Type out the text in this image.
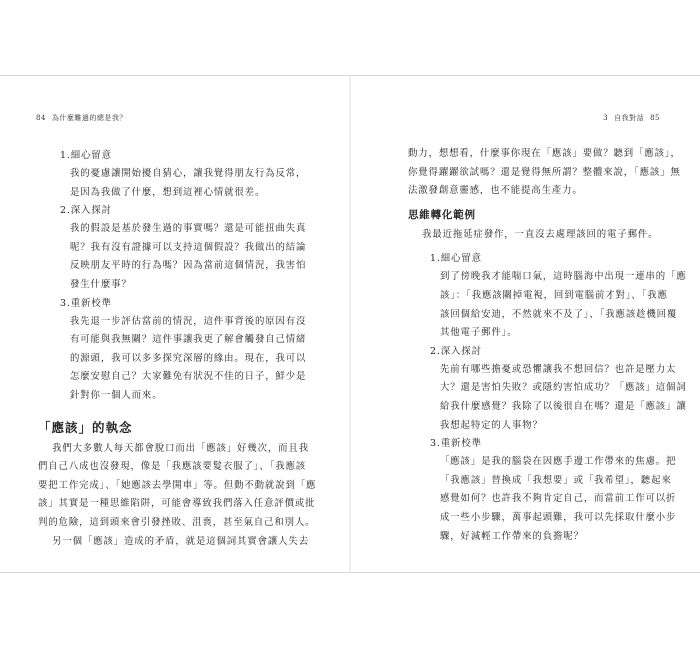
84 為什麼難過的總是我？
1.細心留意
我的憂慮讓開始擾自猜心，讓我覺得朋友行為反常，
是因為我做了什麼，想到這裡心情就很差。
2.深入探討
我的假設是基於發生過的事實嗎？還是可能扭曲失真
呢？我有沒有證據可以支持這個假設？我做出的結論
反映朋友平時的行為嗎？因為當前這個情況，我害怕
發生什麼事？
3.重新校準
我先退一步評估當前的情況，這件事背後的原因有沒
有可能與我無關？這件事讓我更了解會觸發自己情緒
的源頭，我可以多多探究深層的緣由。現在，我可以
怎麼安慰自己？大家難免有狀況不佳的日子，鮮少是
針對你一個人而來。
「應該」的執念
我們大多數人每天都會脫口而出「應該」好幾次，而且我
們自己八成也沒發現，像是「我應該要髮衣服了」、「我應該
要把工作完成」、「她應該去學開車」等。但動不動就說到「應
該」其實是一種思維陷阱，可能會導致我們落入任意評價或批
判的危險，這到頭來會引發挫敗、沮喪，甚至氣自己和別人。
另一個「應該」造成的矛盾，就是這個詞其實會讓人失去
3 自我對話 85
動力，想想看，什麼事你現在「應該」要做？聽到「應該」，
你覺得躍躍欲試嗎？還是覺得無所謂？整體來說，「應該」無
法激發創意靈感，也不能提高生產力。
思維轉化範例
我最近拖延症發作，一直沒去處理該回的電子郵件。
1.細心留意
到了傍晚我才能喘口氣，這時腦海中出現一連串的「應
該」：「我應該關掉電視，回到電腦前才對」、「我應
該回個給安迪，不然就來不及了」、「我應該趁機回覆
其他電子郵件」。
2.深入探討
先前有哪些擔憂或恐懼讓我不想回信？也許是壓力太
大？還是害怕失敗？或隱約害怕成功？「應該」這個詞
給我什麼感覺？我除了以後很自在嗎？還是「應該」讓
我想起特定的人事物？
3.重新校準
「應該」是我的腦袋在因應手邊工作帶來的焦慮。把
「我應該」替換成「我想要」或「我希望」，聽起來
感覺如何？也許我不夠肯定自己，而當前工作可以折
成一些小步驟，萬事起頭難，我可以先採取什麼小步
驟，好減輕工作帶來的負擔呢？
